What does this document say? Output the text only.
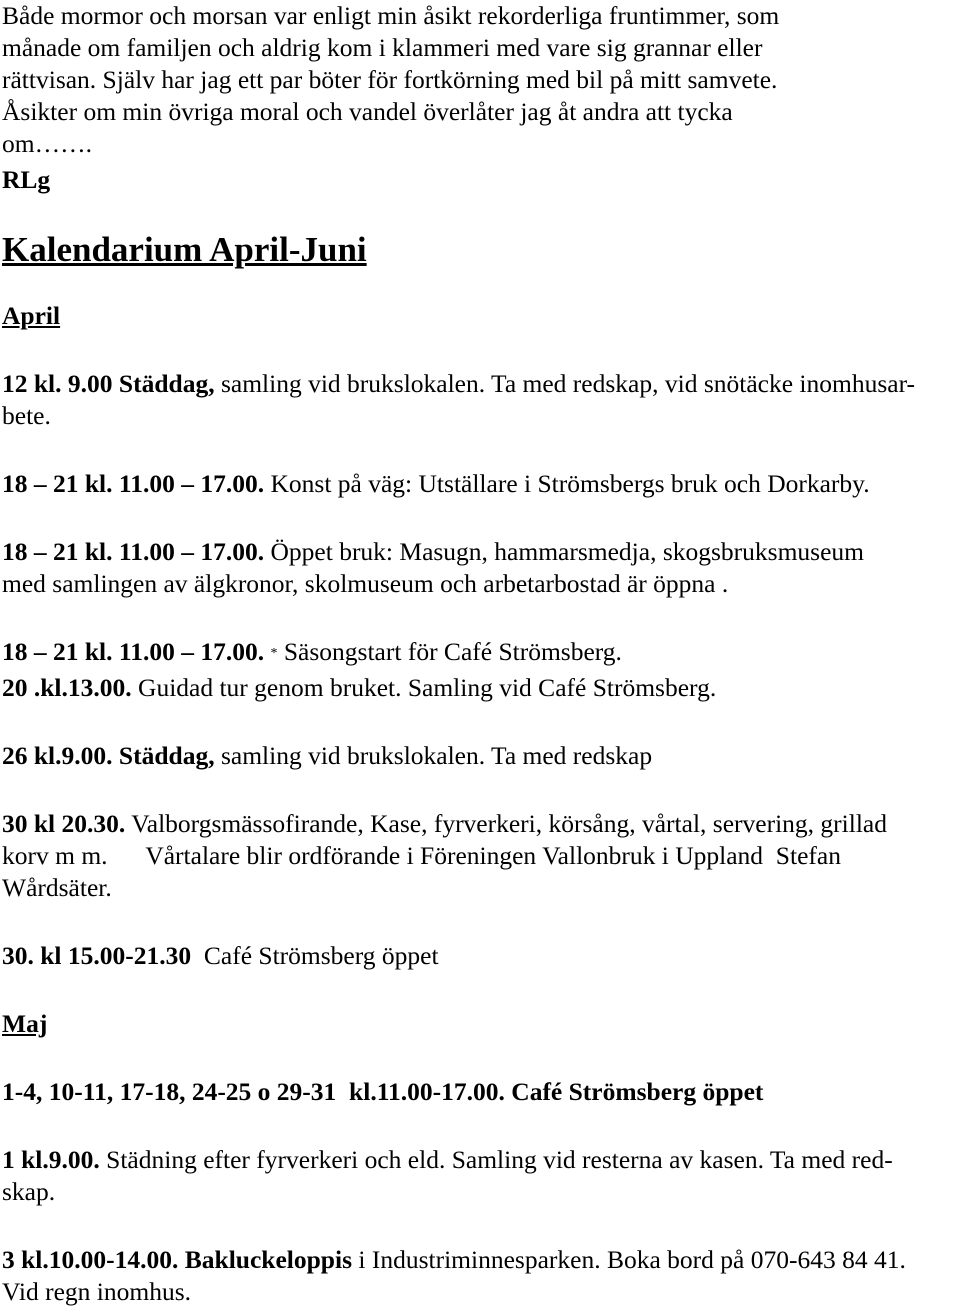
Både mormor och morsan var enligt min åsikt rekorderliga fruntimmer, som
månade om familjen och aldrig kom i klammeri med vare sig grannar eller
rättvisan. Själv har jag ett par böter för fortkörning med bil på mitt samvete.
Åsikter om min övriga moral och vandel överlåter jag åt andra att tycka
om…….
RLg
Kalendarium April-Juni
April
12 kl. 9.00 Städdag, samling vid brukslokalen. Ta med redskap, vid snötäcke inomhusar-
bete.
18 – 21 kl. 11.00 – 17.00. Konst på väg: Utställare i Strömsbergs bruk och Dorkarby.
18 – 21 kl. 11.00 – 17.00. Öppet bruk: Masugn, hammarsmedja, skogsbruksmuseum
med samlingen av älgkronor, skolmuseum och arbetarbostad är öppna .
18 – 21 kl. 11.00 – 17.00. * Säsongstart för Café Strömsberg.
20 .kl.13.00. Guidad tur genom bruket. Samling vid Café Strömsberg.
26 kl.9.00. Städdag, samling vid brukslokalen. Ta med redskap
30 kl 20.30. Valborgsmässofirande, Kase, fyrverkeri, körsång, vårtal, servering, grillad
korv m m.      Vårtalare blir ordförande i Föreningen Vallonbruk i Uppland  Stefan
Wårdsäter.
30. kl 15.00-21.30  Café Strömsberg öppet
Maj
1-4, 10-11, 17-18, 24-25 o 29-31  kl.11.00-17.00. Café Strömsberg öppet
1 kl.9.00. Städning efter fyrverkeri och eld. Samling vid resterna av kasen. Ta med red-
skap.
3 kl.10.00-14.00. Bakluckeloppis i Industriminnesparken. Boka bord på 070-643 84 41.
Vid regn inomhus.
